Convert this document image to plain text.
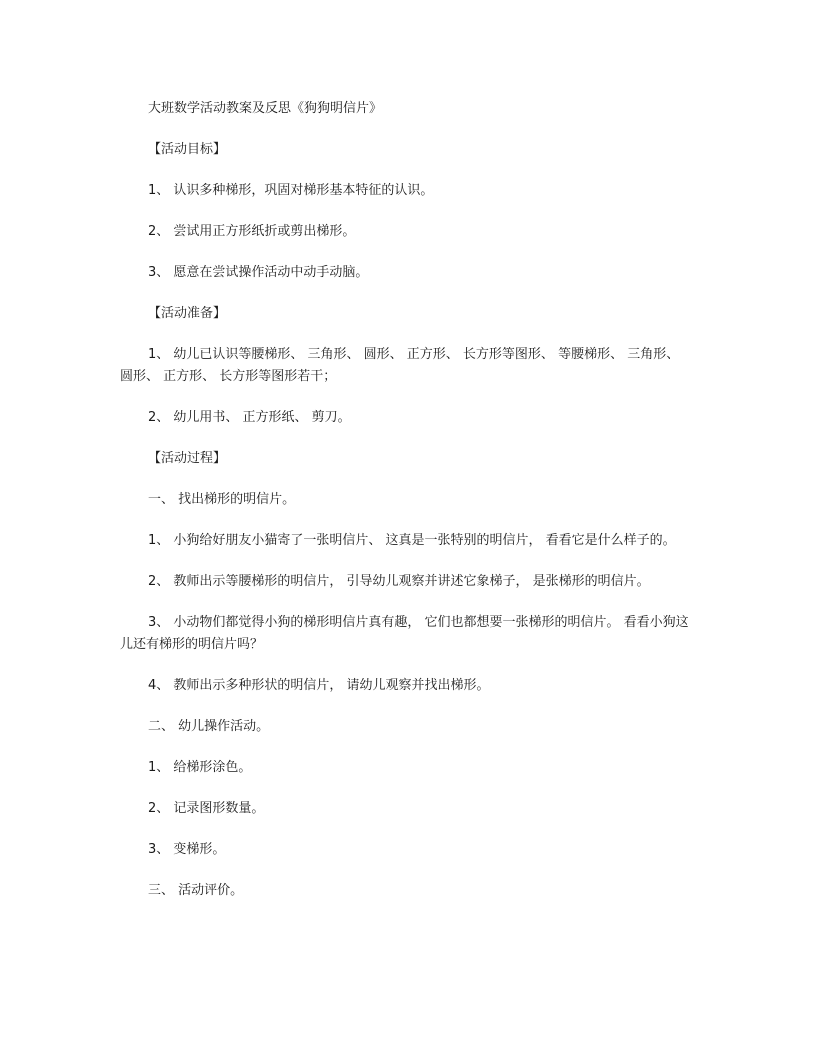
大班数学活动教案及反思《狗狗明信片》

【活动目标】

1、 认识多种梯形，巩固对梯形基本特征的认识。

2、 尝试用正方形纸折或剪出梯形。

3、 愿意在尝试操作活动中动手动脑。

【活动准备】

1、 幼儿已认识等腰梯形、 三角形、 圆形、 正方形、 长方形等图形、 等腰梯形、 三角形、 圆形、 正方形、 长方形等图形若干；

2、 幼儿用书、 正方形纸、 剪刀。

【活动过程】

一、 找出梯形的明信片。

1、 小狗给好朋友小猫寄了一张明信片、 这真是一张特别的明信片， 看看它是什么样子的。

2、 教师出示等腰梯形的明信片， 引导幼儿观察并讲述它象梯子， 是张梯形的明信片。

3、 小动物们都觉得小狗的梯形明信片真有趣， 它们也都想要一张梯形的明信片。 看看小狗这儿还有梯形的明信片吗？

4、 教师出示多种形状的明信片， 请幼儿观察并找出梯形。

二、 幼儿操作活动。

1、 给梯形涂色。

2、 记录图形数量。

3、 变梯形。

三、 活动评价。
